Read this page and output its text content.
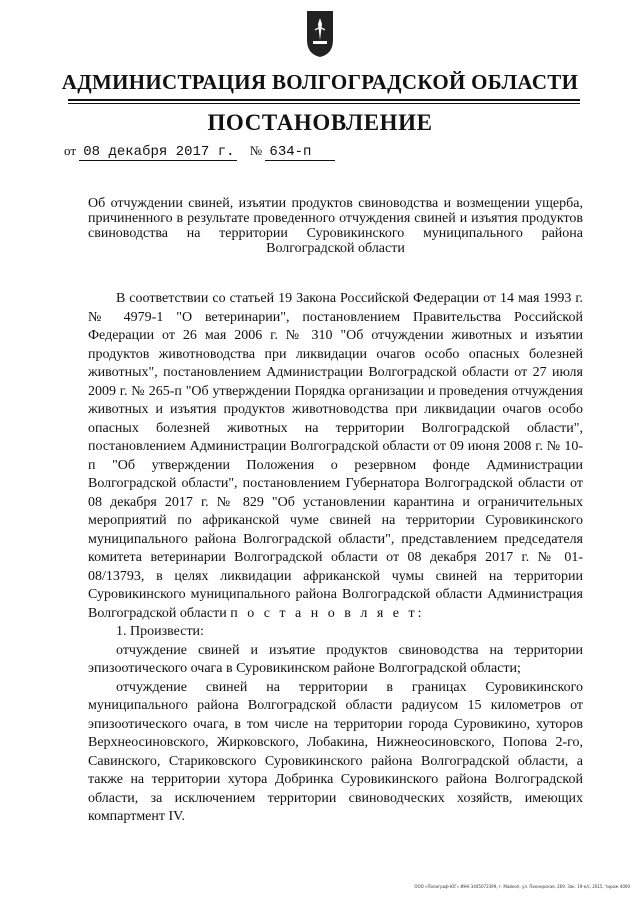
АДМИНИСТРАЦИЯ ВОЛГОГРАДСКОЙ ОБЛАСТИ
ПОСТАНОВЛЕНИЕ
от 08 декабря 2017 г. № 634-п
Об отчуждении свиней, изъятии продуктов свиноводства и возмещении ущерба, причиненного в результате проведенного отчуждения свиней и изъятия продуктов свиноводства на территории Суровикинского муниципального района Волгоградской области

В соответствии со статьей 19 Закона Российской Федерации от 14 мая 1993 г. № 4979-1 "О ветеринарии", постановлением Правительства Российской Федерации от 26 мая 2006 г. № 310 "Об отчуждении животных и изъятии продуктов животноводства при ликвидации очагов особо опасных болезней животных", постановлением Администрации Волгоградской области от 27 июля 2009 г. № 265-п "Об утверждении Порядка организации и проведения отчуждения животных и изъятия продуктов животноводства при ликвидации очагов особо опасных болезней животных на территории Волгоградской области", постановлением Администрации Волгоградской области от 09 июня 2008 г. № 10-п "Об утверждении Положения о резервном фонде Администрации Волгоградской области", постановлением Губернатора Волгоградской области от 08 декабря 2017 г. № 829 "Об установлении карантина и ограничительных мероприятий по африканской чуме свиней на территории Суровикинского муниципального района Волгоградской области", представлением председателя комитета ветеринарии Волгоградской области от 08 декабря 2017 г. № 01-08/13793, в целях ликвидации африканской чумы свиней на территории Суровикинского муниципального района Волгоградской области Администрация Волгоградской области п о с т а н о в л я е т:

1. Произвести:

отчуждение свиней и изъятие продуктов свиноводства на территории эпизоотического очага в Суровикинском районе Волгоградской области;

отчуждение свиней на территории в границах Суровикинского муниципального района Волгоградской области радиусом 15 километров от эпизоотического очага, в том числе на территории города Суровикино, хуторов Верхнеосиновского, Жирковского, Лобакина, Нижнеосиновского, Попова 2-го, Савинского, Стариковского Суровикинского района Волгоградской области, а также на территории хутора Добринка Суровикинского района Волгоградской области, за исключением территории свиноводческих хозяйств, имеющих компартмент IV.

ООО «Полиграф-ЮГ» ИНН 3445072399, г. Майкоп, ул. Пионерская, 269. Зак. 19-к/с, 2015, тираж 4000
